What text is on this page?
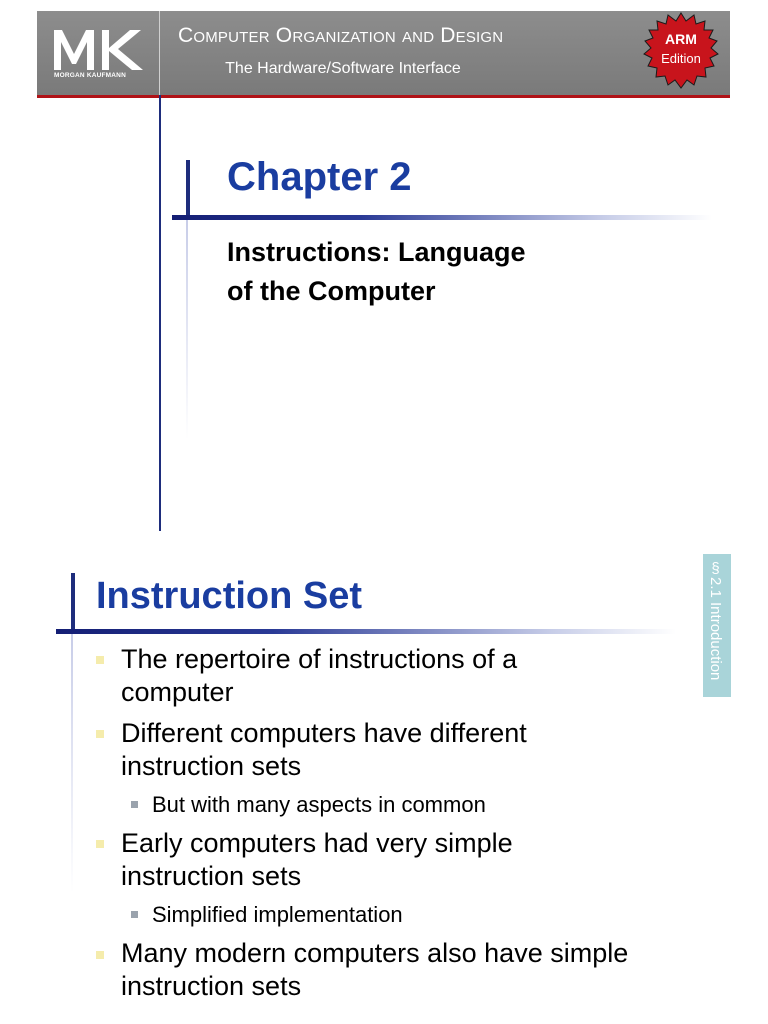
MORGAN KAUFMANN
Computer Organization and Design
The Hardware/Software Interface
ARM
Edition
Chapter 2
Instructions: Language
of the Computer
Instruction Set	§2.1 Introduction
The repertoire of instructions of a
computer
Different computers have different
instruction sets
But with many aspects in common
Early computers had very simple
instruction sets
Simplified implementation
Many modern computers also have simple
instruction sets
